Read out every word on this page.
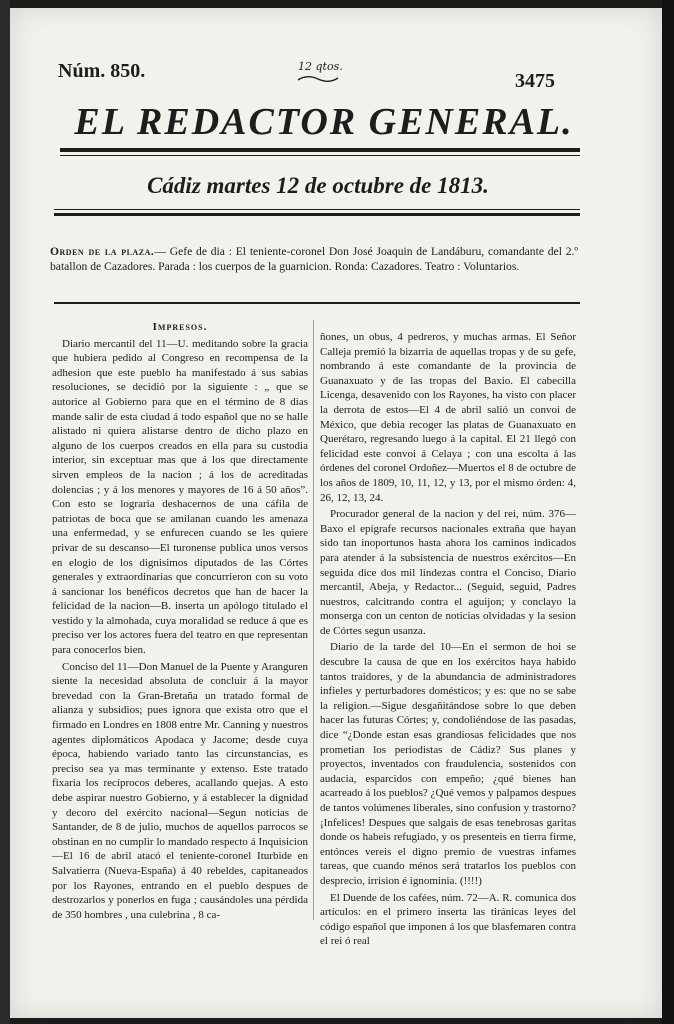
Núm. 850.	12 qtos.
3475
EL REDACTOR GENERAL.
Cádiz martes 12 de octubre de 1813.
Orden de la plaza.— Gefe de dia : El teniente-coronel Don José Joaquin de Landáburu, comandante del 2.º batallon de Cazadores. Parada : los cuerpos de la guarnicion. Ronda: Cazadores. Teatro : Voluntarios.

Impresos.

Diario mercantil del 11—U. meditando sobre la gracia que hubiera pedido al Congreso en recompensa de la adhesion que este pueblo ha manifestado á sus sabias resoluciones, se decidió por la siguiente : „ que se autorice al Gobierno para que en el término de 8 dias mande salir de esta ciudad á todo español que no se halle alistado ni quiera alistarse dentro de dicho plazo en alguno de los cuerpos creados en ella para su custodia interior, sin exceptuar mas que á los que directamente sirven empleos de la nacion ; á los de acreditadas dolencias ; y á los menores y mayores de 16 á 50 años”. Con esto se lograria deshacernos de una cáfila de patriotas de boca que se amilanan cuando les amenaza una enfermedad, y se enfurecen cuando se les quiere privar de su descanso—El turonense publica unos versos en elogio de los dignisimos diputados de las Córtes generales y extraordinarias que concurrieron con su voto á sancionar los benéficos decretos que han de hacer la felicidad de la nacion—B. inserta un apólogo titulado el vestido y la almohada, cuya moralidad se reduce á que es preciso ver los actores fuera del teatro en que representan para conocerlos bien.

Conciso del 11—Don Manuel de la Puente y Aranguren siente la necesidad absoluta de concluir á la mayor brevedad con la Gran-Bretaña un tratado formal de alianza y subsidios; pues ignora que exista otro que el firmado en Londres en 1808 entre Mr. Canning y nuestros agentes diplomáticos Apodaca y Jacome; desde cuya época, habiendo variado tanto las circunstancias, es preciso sea ya mas terminante y extenso. Este tratado fixaria los recíprocos deberes, acallando quejas. A esto debe aspirar nuestro Gobierno, y á establecer la dignidad y decoro del exército nacional—Segun noticias de Santander, de 8 de julio, muchos de aquellos parrocos se obstinan en no cumplir lo mandado respecto á Inquisicion—El 16 de abril atacó el teniente-coronel Iturbide en Salvatierra (Nueva-España) á 40 rebeldes, capitaneados por los Rayones, entrando en el pueblo despues de destrozarlos y ponerlos en fuga ; causándoles una pérdida de 350 hombres , una culebrina , 8 ca-

ñones, un obus, 4 pedreros, y muchas armas. El Señor Calleja premió la bizarria de aquellas tropas y de su gefe, nombrando á este comandante de la provincia de Guanaxuato y de las tropas del Baxio. El cabecilla Licenga, desavenido con los Rayones, ha visto con placer la derrota de estos—El 4 de abril salió un convoi de México, que debia recoger las platas de Guanaxuato en Querétaro, regresando luego á la capital. El 21 llegó con felicidad este convoi á Celaya ; con una escolta á las órdenes del coronel Ordoñez—Muertos el 8 de octubre de los años de 1809, 10, 11, 12, y 13, por el mismo órden: 4, 26, 12, 13, 24.

Procurador general de la nacion y del rei, núm. 376—Baxo el epígrafe recursos nacionales extraña que hayan sido tan inoportunos hasta ahora los caminos indicados para atender á la subsistencia de nuestros exércitos—En seguida dice dos mil lindezas contra el Conciso, Diario mercantil, Abeja, y Redactor... (Seguid, seguid, Padres nuestros, calcitrando contra el aguijon; y conclayo la monserga con un centon de noticias olvidadas y la sesion de Córtes segun usanza.

Diario de la tarde del 10—En el sermon de hoi se descubre la causa de que en los exércitos haya habido tantos traidores, y de la abundancia de administradores infieles y perturbadores domésticos; y es: que no se sabe la religion.—Sigue desgañitándose sobre lo que deben hacer las futuras Córtes; y, condoliéndose de las pasadas, dice “¿Donde estan esas grandiosas felicidades que nos prometian los periodistas de Cádiz? Sus planes y proyectos, inventados con fraudulencia, sostenidos con audacia, esparcidos con empeño; ¿qué bienes han acarreado á los pueblos? ¿Qué vemos y palpamos despues de tantos volúmenes liberales, sino confusion y trastorno? ¡Infelices! Despues que salgais de esas tenebrosas garitas donde os habeis refugiado, y os presenteis en tierra firme, entónces vereis el digno premio de vuestras infames tareas, que cuando ménos será tratarlos los pueblos con desprecio, irrision é ignominia. (!!!!)

El Duende de los cafées, núm. 72—A. R. comunica dos artículos: en el primero inserta las tiránicas leyes del código español que imponen á los que blasfemaren contra el rei ó real
